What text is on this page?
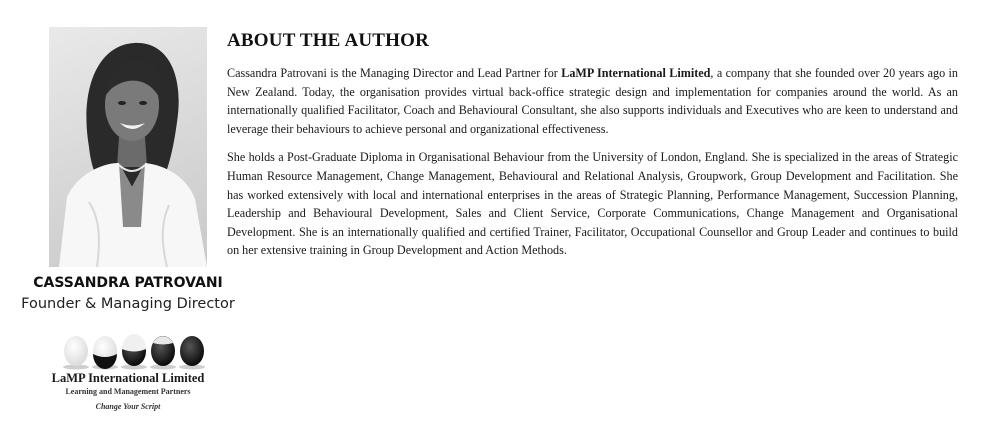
CASSANDRA PATROVANI
Founder & Managing Director
LaMP International Limited
Learning and Management Partners
Change Your Script
ABOUT THE AUTHOR

Cassandra Patrovani is the Managing Director and Lead Partner for LaMP International Limited, a company that she founded over 20 years ago in New Zealand. Today, the organisation provides virtual back-office strategic design and implementation for companies around the world. As an internationally qualified Facilitator, Coach and Behavioural Consultant, she also supports individuals and Executives who are keen to understand and leverage their behaviours to achieve personal and organizational effectiveness.

She holds a Post-Graduate Diploma in Organisational Behaviour from the University of London, England. She is specialized in the areas of Strategic Human Resource Management, Change Management, Behavioural and Relational Analysis, Groupwork, Group Development and Facilitation. She has worked extensively with local and international enterprises in the areas of Strategic Planning, Performance Management, Succession Planning, Leadership and Behavioural Development, Sales and Client Service, Corporate Communications, Change Management and Organisational Development. She is an internationally qualified and certified Trainer, Facilitator, Occupational Counsellor and Group Leader and continues to build on her extensive training in Group Development and Action Methods.
